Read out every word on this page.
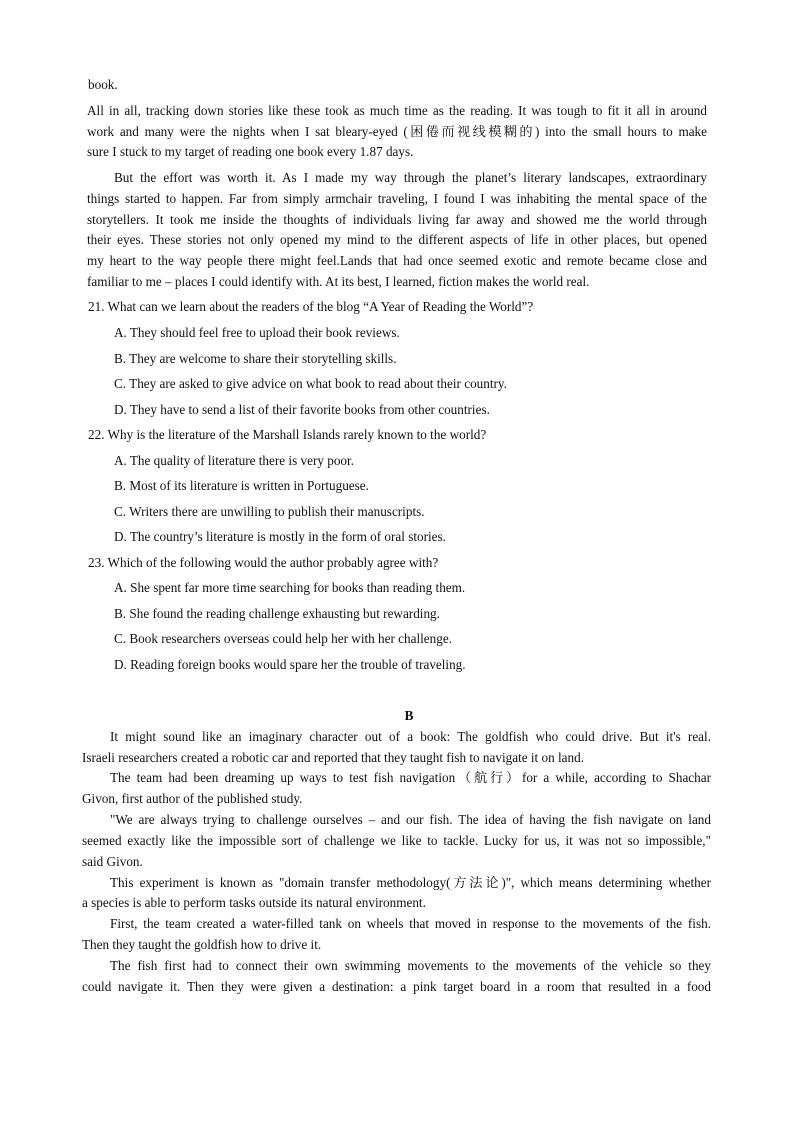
book.
All in all, tracking down stories like these took as much time as the reading. It was tough to fit it all in around
work and many were the nights when I sat bleary-eyed (困倦而视线模糊的) into the small hours to make
sure I stuck to my target of reading one book every 1.87 days.
But the effort was worth it. As I made my way through the planet’s literary landscapes, extraordinary
things started to happen. Far from simply armchair traveling, I found I was inhabiting the mental space of the
storytellers. It took me inside the thoughts of individuals living far away and showed me the world through
their eyes. These stories not only opened my mind to the different aspects of life in other places, but opened
my heart to the way people there might feel.Lands that had once seemed exotic and remote became close and
familiar to me – places I could identify with. At its best, I learned, fiction makes the world real.
21. What can we learn about the readers of the blog “A Year of Reading the World”?
A. They should feel free to upload their book reviews.
B. They are welcome to share their storytelling skills.
C. They are asked to give advice on what book to read about their country.
D. They have to send a list of their favorite books from other countries.
22. Why is the literature of the Marshall Islands rarely known to the world?
A. The quality of literature there is very poor.
B. Most of its literature is written in Portuguese.
C. Writers there are unwilling to publish their manuscripts.
D. The country’s literature is mostly in the form of oral stories.
23. Which of the following would the author probably agree with?
A. She spent far more time searching for books than reading them.
B. She found the reading challenge exhausting but rewarding.
C. Book researchers overseas could help her with her challenge.
D. Reading foreign books would spare her the trouble of traveling.
B
It might sound like an imaginary character out of a book: The goldfish who could drive. But it's real.
Israeli researchers created a robotic car and reported that they taught fish to navigate it on land.
The team had been dreaming up ways to test fish navigation（航行）for a while, according to Shachar
Givon, first author of the published study.
"We are always trying to challenge ourselves – and our fish. The idea of having the fish navigate on land
seemed exactly like the impossible sort of challenge we like to tackle. Lucky for us, it was not so impossible,"
said Givon.
This experiment is known as "domain transfer methodology(方法论)", which means determining whether
a species is able to perform tasks outside its natural environment.
First, the team created a water-filled tank on wheels that moved in response to the movements of the fish.
Then they taught the goldfish how to drive it.
The fish first had to connect their own swimming movements to the movements of the vehicle so they
could navigate it. Then they were given a destination: a pink target board in a room that resulted in a food
